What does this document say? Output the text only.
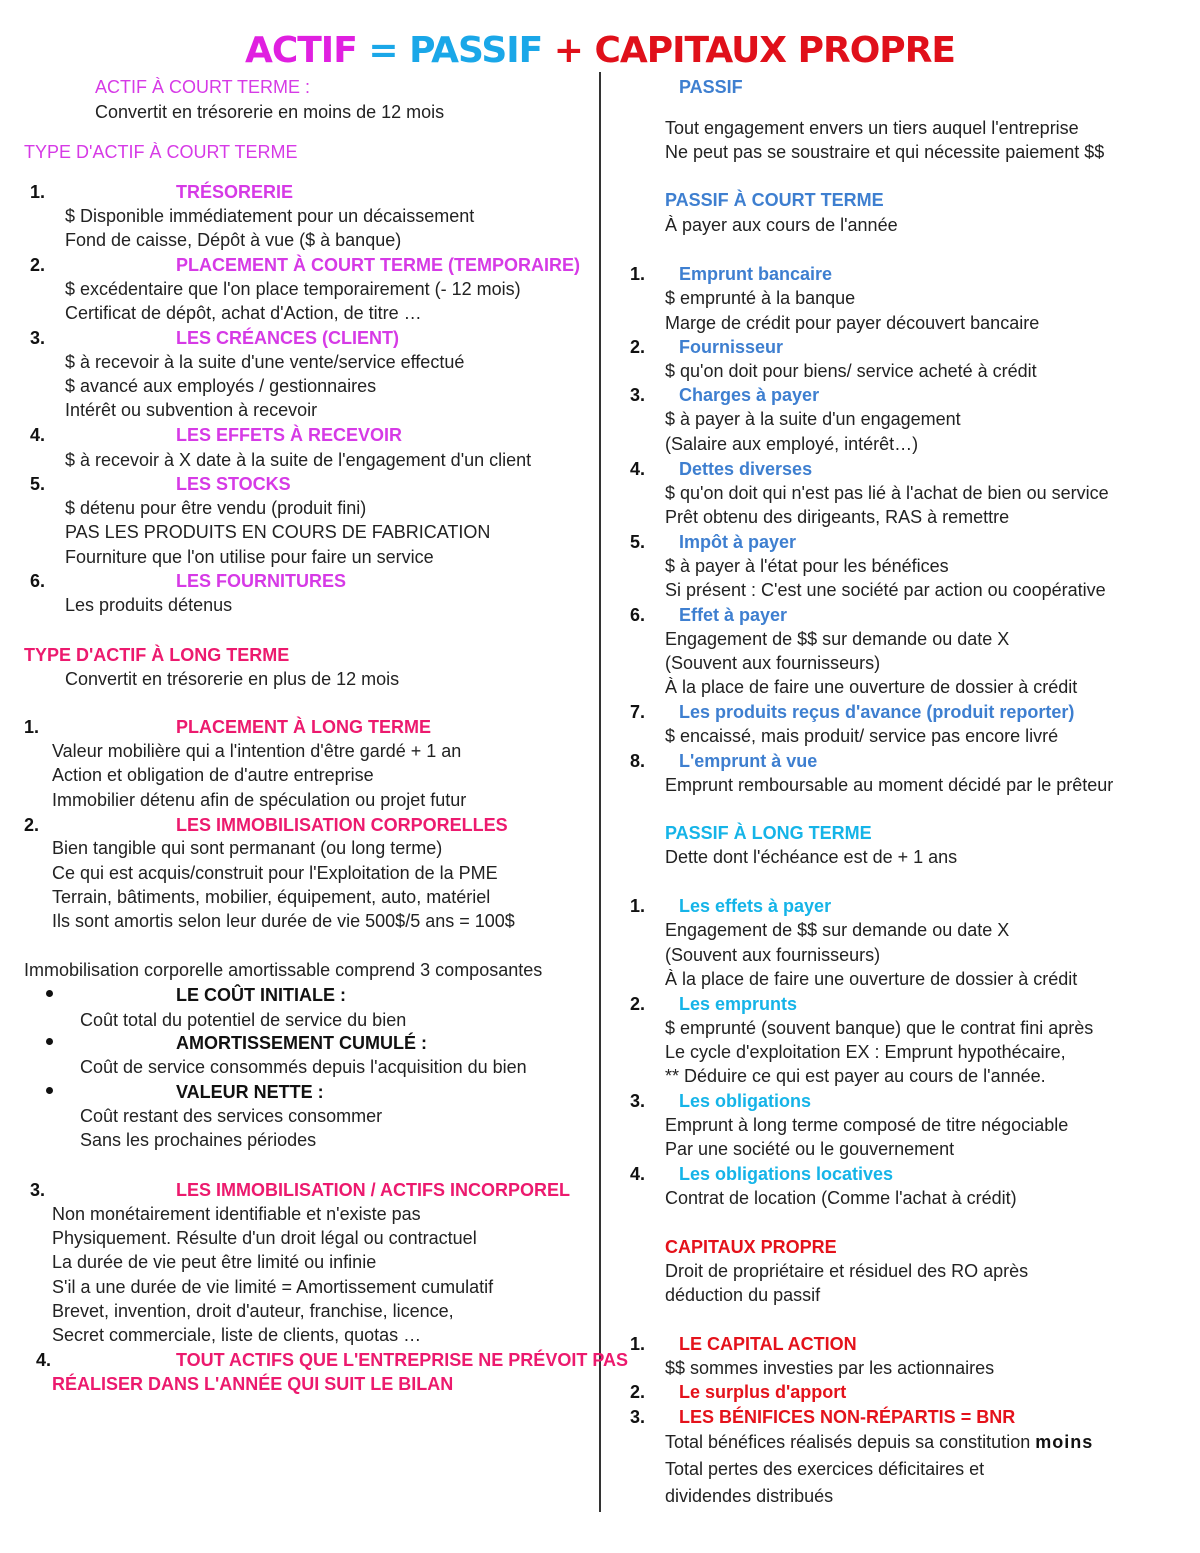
ACTIF = PASSIF + CAPITAUX PROPRE
ACTIF À COURT TERME :
Convertit en trésorerie en moins de 12 mois
TYPE D'ACTIF À COURT TERME
1.	TRÉSORERIE
$ Disponible immédiatement pour un décaissement
Fond de caisse, Dépôt à vue ($ à banque)
2.	PLACEMENT À COURT TERME (TEMPORAIRE)
$ excédentaire que l'on place temporairement (- 12 mois)
Certificat de dépôt, achat d'Action, de titre …
3.	LES CRÉANCES (CLIENT)
$ à recevoir à la suite d'une vente/service effectué
$ avancé aux employés / gestionnaires
Intérêt ou subvention à recevoir
4.	LES EFFETS À RECEVOIR
$ à recevoir à X date à la suite de l'engagement d'un client
5.	LES STOCKS
$ détenu pour être vendu (produit fini)
PAS LES PRODUITS EN COURS DE FABRICATION
Fourniture que l'on utilise pour faire un service
6.	LES FOURNITURES
Les produits détenus
TYPE D'ACTIF À LONG TERME
Convertit en trésorerie en plus de 12 mois
1.	PLACEMENT À LONG TERME
Valeur mobilière qui a l'intention d'être gardé + 1 an
Action et obligation de d'autre entreprise
Immobilier détenu afin de spéculation ou projet futur
2.	LES IMMOBILISATION CORPORELLES
Bien tangible qui sont permanant (ou long terme)
Ce qui est acquis/construit pour l'Exploitation de la PME
Terrain, bâtiments, mobilier, équipement, auto, matériel
Ils sont amortis selon leur durée de vie 500$/5 ans = 100$
Immobilisation corporelle amortissable comprend 3 composantes
LE COÛT INITIALE :
Coût total du potentiel de service du bien
AMORTISSEMENT CUMULÉ :
Coût de service consommés depuis l'acquisition du bien
VALEUR NETTE :
Coût restant des services consommer
Sans les prochaines périodes
3.	LES IMMOBILISATION / ACTIFS INCORPOREL
Non monétairement identifiable et n'existe pas
Physiquement. Résulte d'un droit légal ou contractuel
La durée de vie peut être limité ou infinie
S'il a une durée de vie limité = Amortissement cumulatif
Brevet, invention, droit d'auteur, franchise, licence,
Secret commerciale, liste de clients, quotas …
4.	TOUT ACTIFS QUE L'ENTREPRISE NE PRÉVOIT PAS
RÉALISER DANS L'ANNÉE QUI SUIT LE BILAN
PASSIF
Tout engagement envers un tiers auquel l'entreprise
Ne peut pas se soustraire et qui nécessite paiement $$
PASSIF À COURT TERME
À payer aux cours de l'année
1. Emprunt bancaire
$ emprunté à la banque
Marge de crédit pour payer découvert bancaire
2. Fournisseur
$ qu'on doit pour biens/ service acheté à crédit
3. Charges à payer
$ à payer à la suite d'un engagement
(Salaire aux employé, intérêt…)
4. Dettes diverses
$ qu'on doit qui n'est pas lié à l'achat de bien ou service
Prêt obtenu des dirigeants, RAS à remettre
5. Impôt à payer
$ à payer à l'état pour les bénéfices
Si présent : C'est une société par action ou coopérative
6. Effet à payer
Engagement de $$ sur demande ou date X
(Souvent aux fournisseurs)
À la place de faire une ouverture de dossier à crédit
7. Les produits reçus d'avance (produit reporter)
$ encaissé, mais produit/ service pas encore livré
8. L'emprunt à vue
Emprunt remboursable au moment décidé par le prêteur
PASSIF À LONG TERME
Dette dont l'échéance est de + 1 ans
1. Les effets à payer
Engagement de $$ sur demande ou date X
(Souvent aux fournisseurs)
À la place de faire une ouverture de dossier à crédit
2. Les emprunts
$ emprunté (souvent banque) que le contrat fini après
Le cycle d'exploitation EX : Emprunt hypothécaire,
** Déduire ce qui est payer au cours de l'année.
3. Les obligations
Emprunt à long terme composé de titre négociable
Par une société ou le gouvernement
4. Les obligations locatives
Contrat de location (Comme l'achat à crédit)
CAPITAUX PROPRE
Droit de propriétaire et résiduel des RO après
déduction du passif
1. LE CAPITAL ACTION
$$ sommes investies par les actionnaires
2. Le surplus d'apport
3. LES BÉNIFICES NON-RÉPARTIS = BNR
Total bénéfices réalisés depuis sa constitution moins
Total pertes des exercices déficitaires et
dividendes distribués
